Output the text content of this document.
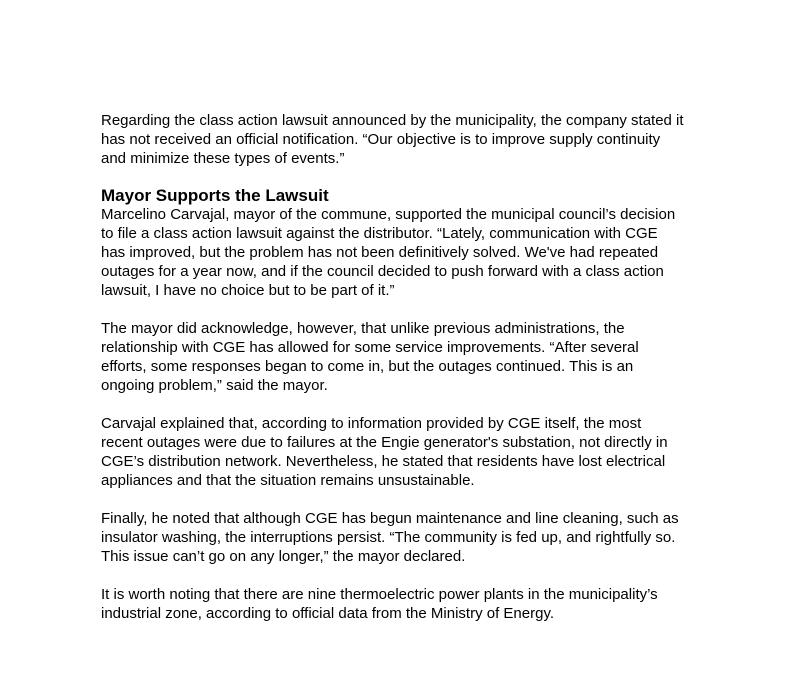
Regarding the class action lawsuit announced by the municipality, the company stated it
has not received an official notification. “Our objective is to improve supply continuity
and minimize these types of events.”

Mayor Supports the Lawsuit

Marcelino Carvajal, mayor of the commune, supported the municipal council’s decision
to file a class action lawsuit against the distributor. “Lately, communication with CGE
has improved, but the problem has not been definitively solved. We've had repeated
outages for a year now, and if the council decided to push forward with a class action
lawsuit, I have no choice but to be part of it.”

The mayor did acknowledge, however, that unlike previous administrations, the
relationship with CGE has allowed for some service improvements. “After several
efforts, some responses began to come in, but the outages continued. This is an
ongoing problem,” said the mayor.

Carvajal explained that, according to information provided by CGE itself, the most
recent outages were due to failures at the Engie generator's substation, not directly in
CGE’s distribution network. Nevertheless, he stated that residents have lost electrical
appliances and that the situation remains unsustainable.

Finally, he noted that although CGE has begun maintenance and line cleaning, such as
insulator washing, the interruptions persist. “The community is fed up, and rightfully so.
This issue can’t go on any longer,” the mayor declared.

It is worth noting that there are nine thermoelectric power plants in the municipality’s
industrial zone, according to official data from the Ministry of Energy.
